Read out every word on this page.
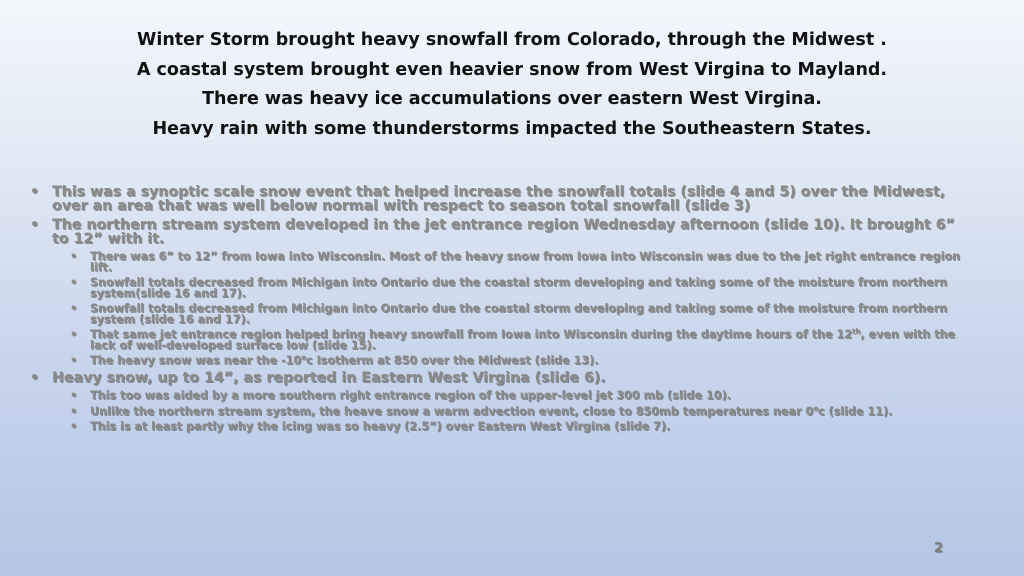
Winter Storm brought heavy snowfall from Colorado, through the Midwest .
A coastal system brought even heavier snow from West Virgina to Mayland.
There was heavy ice accumulations over eastern West Virgina.
Heavy rain with some thunderstorms impacted the Southeastern States.
• This was a synoptic scale snow event that helped increase the snowfall totals (slide 4 and 5) over the Midwest, over an area that was well below normal with respect to season total snowfall (slide 3)
• The northern stream system developed in the jet entrance region Wednesday afternoon (slide 10). It brought 6” to 12” with it.
• There was 6” to 12” from Iowa into Wisconsin. Most of the heavy snow from Iowa into Wisconsin was due to the jet right entrance region lift.
• Snowfall totals decreased from Michigan into Ontario due the coastal storm developing and taking some of the moisture from northern system(slide 16 and 17).
• Snowfall totals decreased from Michigan into Ontario due the coastal storm developing and taking some of the moisture from northern system (slide 16 and 17).
• That same jet entrance region helped bring heavy snowfall from Iowa into Wisconsin during the daytime hours of the 12th, even with the lack of well-developed surface low (slide 15).
• The heavy snow was near the -10$^o$c Isotherm at 850 over the Midwest (slide 13).
• Heavy snow, up to 14”, as reported in Eastern West Virgina (slide 6).
• This too was aided by a more southern right entrance region of the upper-level jet 300 mb (slide 10).
• Unlike the northern stream system, the heave snow a warm advection event, close to 850mb temperatures near 0$^o$c (slide 11).
• This is at least partly why the icing was so heavy (2.5”) over Eastern West Virgina (slide 7).
2
